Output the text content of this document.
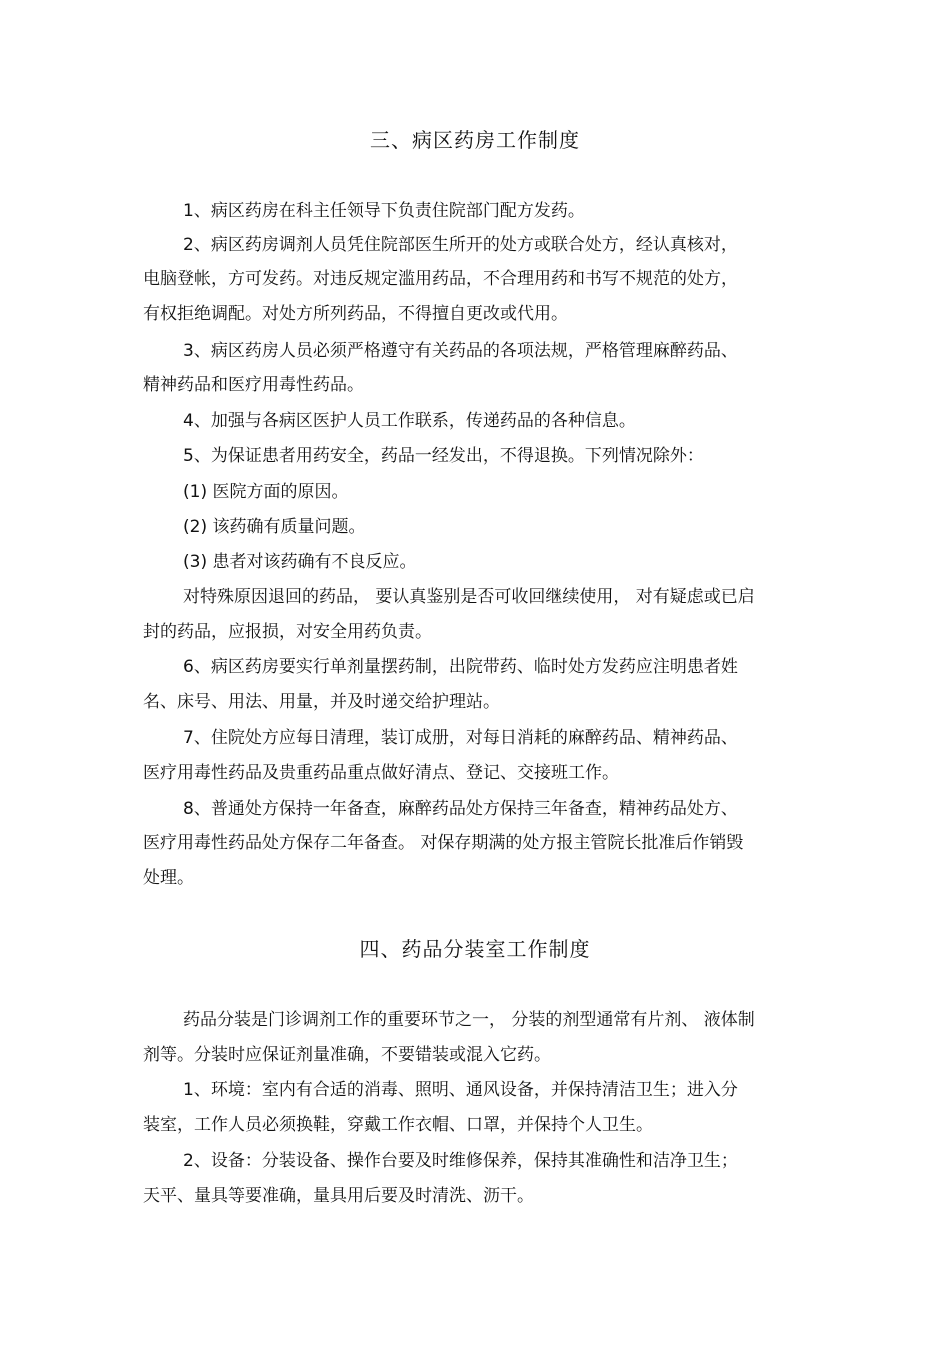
三、病区药房工作制度

1、病区药房在科主任领导下负责住院部门配方发药。

2、病区药房调剂人员凭住院部医生所开的处方或联合处方，经认真核对，

电脑登帐，方可发药。对违反规定滥用药品，不合理用药和书写不规范的处方，

有权拒绝调配。对处方所列药品，不得擅自更改或代用。

3、病区药房人员必须严格遵守有关药品的各项法规，严格管理麻醉药品、

精神药品和医疗用毒性药品。

4、加强与各病区医护人员工作联系，传递药品的各种信息。

5、为保证患者用药安全，药品一经发出，不得退换。下列情况除外：

(1) 医院方面的原因。

(2) 该药确有质量问题。

(3) 患者对该药确有不良反应。

对特殊原因退回的药品， 要认真鉴别是否可收回继续使用， 对有疑虑或已启

封的药品，应报损，对安全用药负责。

6、病区药房要实行单剂量摆药制，出院带药、临时处方发药应注明患者姓

名、床号、用法、用量，并及时递交给护理站。

7、住院处方应每日清理，装订成册，对每日消耗的麻醉药品、精神药品、

医疗用毒性药品及贵重药品重点做好清点、登记、交接班工作。

8、普通处方保持一年备查，麻醉药品处方保持三年备查，精神药品处方、

医疗用毒性药品处方保存二年备查。 对保存期满的处方报主管院长批准后作销毁

处理。

四、药品分装室工作制度

药品分装是门诊调剂工作的重要环节之一， 分装的剂型通常有片剂、 液体制

剂等。分装时应保证剂量准确，不要错装或混入它药。

1、环境：室内有合适的消毒、照明、通风设备，并保持清洁卫生；进入分

装室，工作人员必须换鞋，穿戴工作衣帽、口罩，并保持个人卫生。

2、设备：分装设备、操作台要及时维修保养，保持其准确性和洁净卫生；

天平、量具等要准确，量具用后要及时清洗、沥干。
